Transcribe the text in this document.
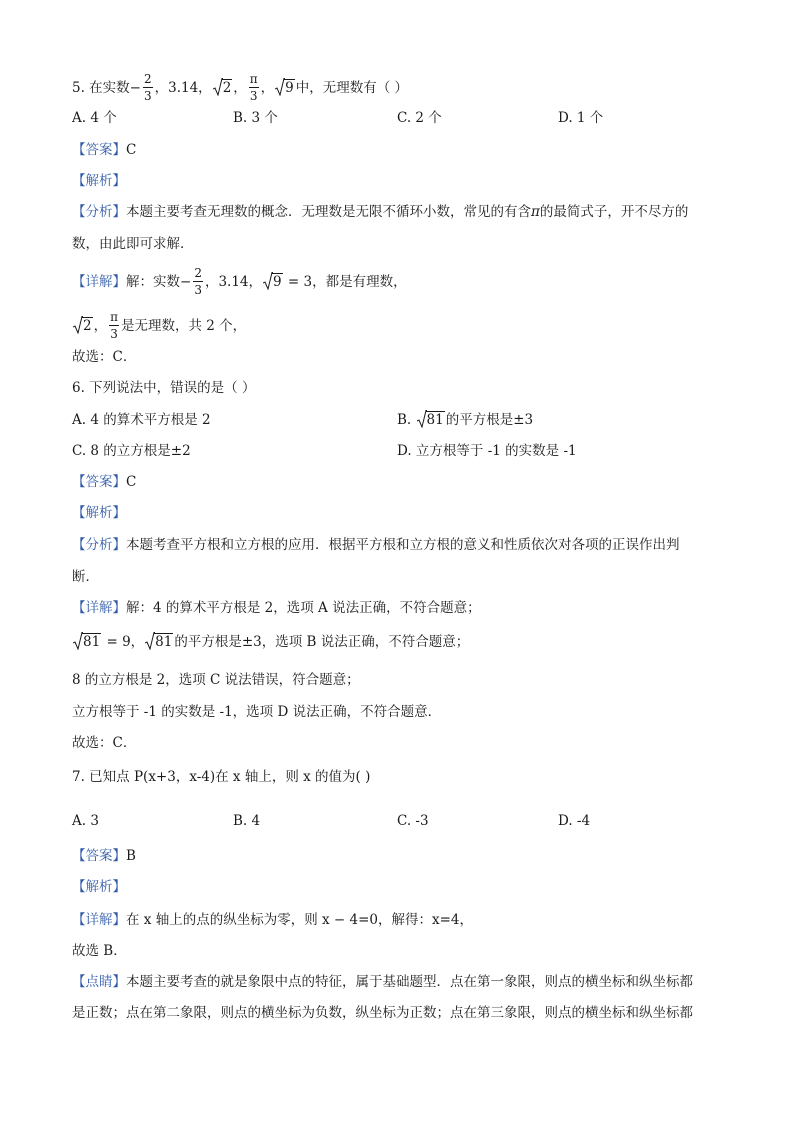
5. 在实数− $\frac{2}{3}$ ，3.14， 2 ， $\frac{\pi}{3}$ ， 9 中，无理数有（ ）
A. 4 个	B. 3 个	C. 2 个	D. 1 个
【答案】C
【解析】
【分析】本题主要考查无理数的概念．无理数是无限不循环小数，常见的有含π的最简式子，开不尽方的
数，由此即可求解．
【详解】解：实数− $\frac{2}{3}$ ，3.14， 9 = 3，都是有理数，
2 ， $\frac{\pi}{3}$ 是无理数，共 2 个，
故选：C．
6. 下列说法中，错误的是（ ）
A. 4 的算术平方根是 2	B.
81 的平方根是±3
C. 8 的立方根是±2	D. 立方根等于 -1 的实数是 -1
【答案】C
【解析】
【分析】本题考查平方根和立方根的应用．根据平方根和立方根的意义和性质依次对各项的正误作出判
断．
【详解】解：4 的算术平方根是 2，选项 A 说法正确，不符合题意；
81 = 9， 81 的平方根是±3，选项 B 说法正确，不符合题意；
8 的立方根是 2，选项 C 说法错误，符合题意；
立方根等于 -1 的实数是 -1，选项 D 说法正确，不符合题意．
故选：C．
7. 已知点 P(x+3，x-4)在 x 轴上，则 x 的值为( )
A. 3	B. 4	C. -3	D. -4
【答案】B
【解析】
【详解】在 x 轴上的点的纵坐标为零，则 x − 4=0，解得：x=4，
故选 B．
【点睛】本题主要考查的就是象限中点的特征，属于基础题型．点在第一象限，则点的横坐标和纵坐标都
是正数；点在第二象限，则点的横坐标为负数，纵坐标为正数；点在第三象限，则点的横坐标和纵坐标都
